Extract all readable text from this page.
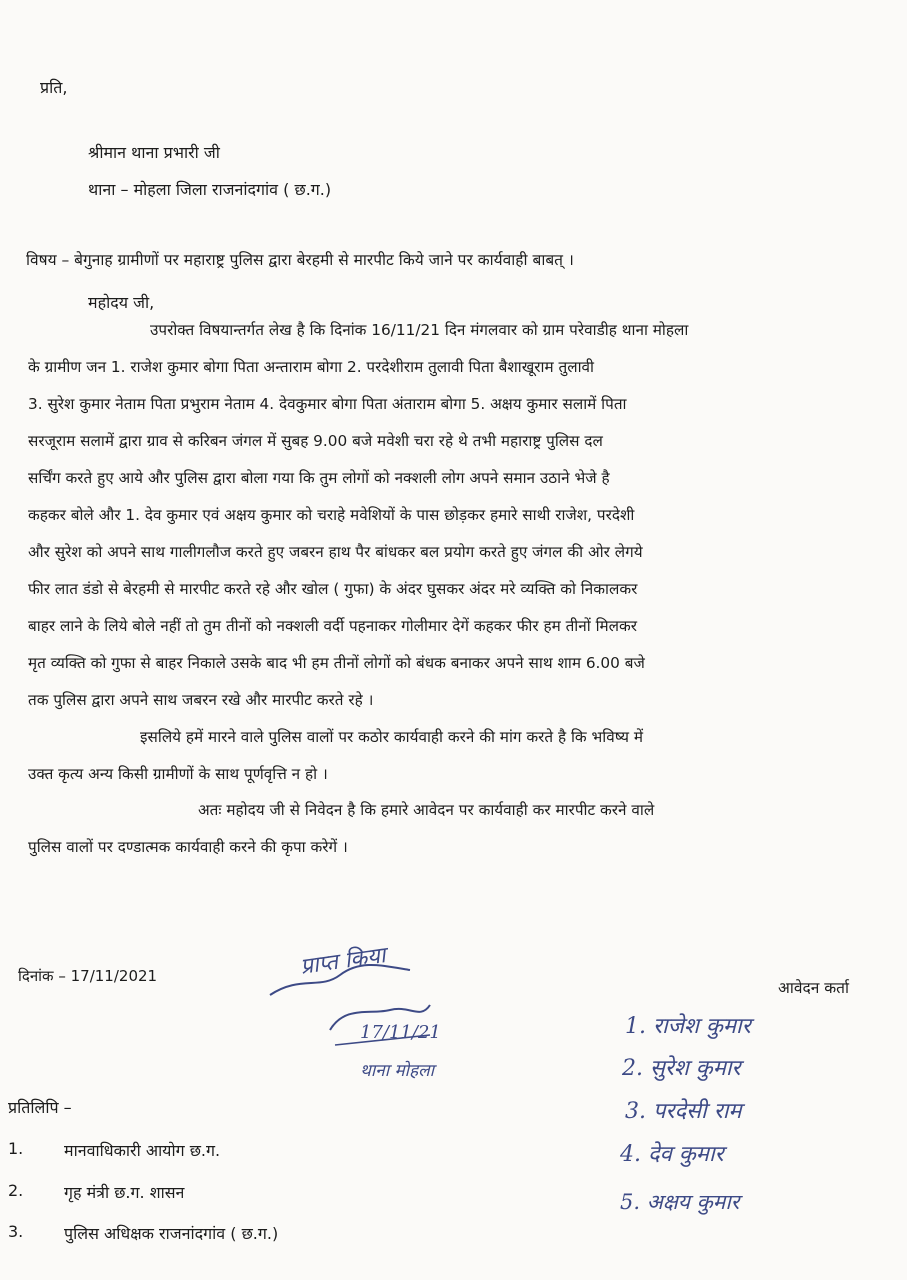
प्रति,
श्रीमान थाना प्रभारी जी
थाना – मोहला जिला राजनांदगांव ( छ.ग.)
विषय – बेगुनाह ग्रामीणों पर महाराष्ट्र पुलिस द्वारा बेरहमी से मारपीट किये जाने पर कार्यवाही बाबत् ।
महोदय जी,
उपरोक्त विषयान्तर्गत लेख है कि दिनांक 16/11/21 दिन मंगलवार को ग्राम परेवाडीह थाना मोहला
के ग्रामीण जन 1. राजेश कुमार बोगा पिता अन्ताराम बोगा 2. परदेशीराम तुलावी पिता बैशाखूराम तुलावी
3. सुरेश कुमार नेताम पिता प्रभुराम नेताम 4. देवकुमार बोगा पिता अंताराम बोगा 5. अक्षय कुमार सलामें पिता
सरजूराम सलामें द्वारा ग्राव से करिबन जंगल में सुबह 9.00 बजे मवेशी चरा रहे थे तभी महाराष्ट्र पुलिस दल
सर्चिंग करते हुए आये और पुलिस द्वारा बोला गया कि तुम लोगों को नक्शली लोग अपने समान उठाने भेजे है
कहकर बोले और 1. देव कुमार एवं अक्षय कुमार को चराहे मवेशियों के पास छोड़कर हमारे साथी राजेश, परदेशी
और सुरेश को अपने साथ गालीगलौज करते हुए जबरन हाथ पैर बांधकर बल प्रयोग करते हुए जंगल की ओर लेगये
फीर लात डंडो से बेरहमी से मारपीट करते रहे और खोल ( गुफा) के अंदर घुसकर अंदर मरे व्यक्ति को निकालकर
बाहर लाने के लिये बोले नहीं तो तुम तीनों को नक्शली वर्दी पहनाकर गोलीमार देगें कहकर फीर हम तीनों मिलकर
मृत व्यक्ति को गुफा से बाहर निकाले उसके बाद भी हम तीनों लोगों को बंधक बनाकर अपने साथ शाम 6.00 बजे
तक पुलिस द्वारा अपने साथ जबरन रखे और मारपीट करते रहे ।
इसलिये हमें मारने वाले पुलिस वालों पर कठोर कार्यवाही करने की मांग करते है कि भविष्य में
उक्त कृत्य अन्य किसी ग्रामीणों के साथ पूर्णवृत्ति न हो ।
अतः महोदय जी से निवेदन है कि हमारे आवेदन पर कार्यवाही कर मारपीट करने वाले
पुलिस वालों पर दण्डात्मक कार्यवाही करने की कृपा करेगें ।
दिनांक – 17/11/2021
आवेदन कर्ता
प्राप्त किया
17/11/21
थाना मोहला
1. राजेश कुमार
2. सुरेश कुमार
3. परदेसी राम
4. देव कुमार
5. अक्षय कुमार
प्रतिलिपि –
1.	मानवाधिकारी आयोग छ.ग.
2.	गृह मंत्री छ.ग. शासन
3.	पुलिस अधिक्षक राजनांदगांव ( छ.ग.)
